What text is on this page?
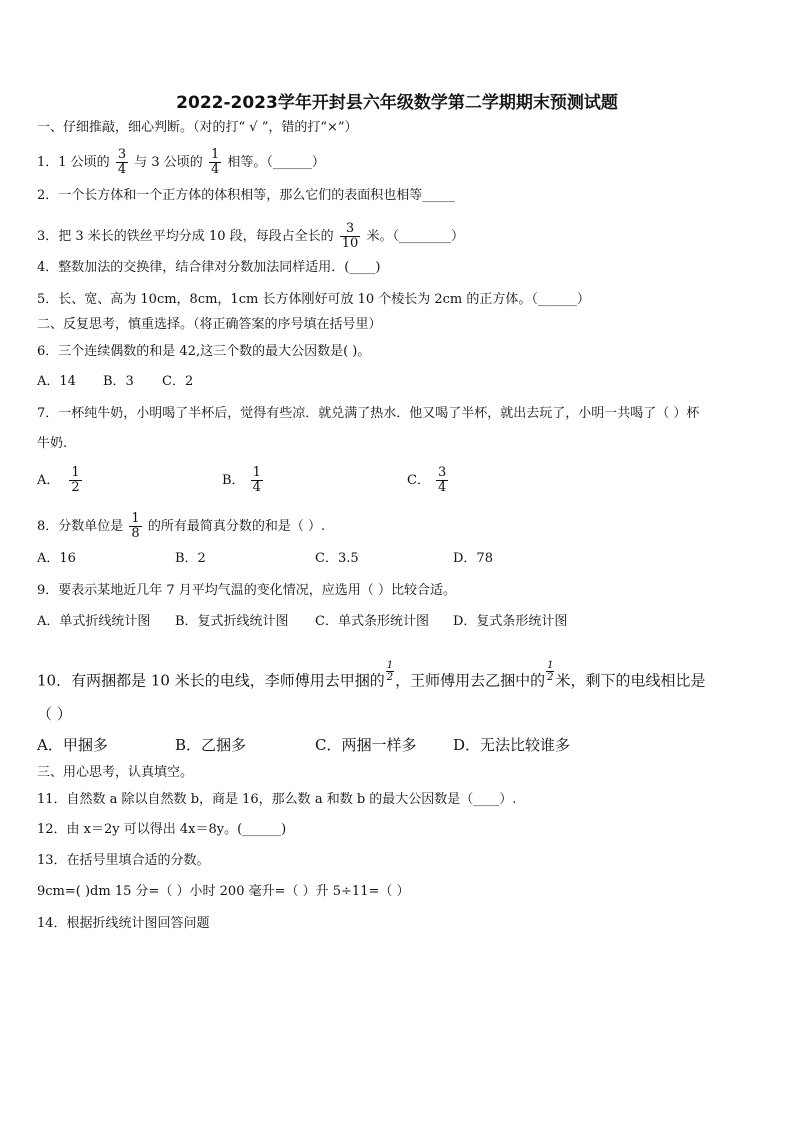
2022-2023学年开封县六年级数学第二学期期末预测试题
一、仔细推敲，细心判断。（对的打“ √ ”，错的打“×”）
1．1 公顷的 $\frac{3}{4}$ 与 3 公顷的 $\frac{1}{4}$ 相等。（______）
2．一个长方体和一个正方体的体积相等，那么它们的表面积也相等_____
3．把 3 米长的铁丝平均分成 10 段，每段占全长的 $\frac{3}{10}$ 米。（________）
4．整数加法的交换律，结合律对分数加法同样适用．(____)
5．长、宽、高为 10cm，8cm，1cm 长方体刚好可放 10 个棱长为 2cm 的正方体。（______）
二、反复思考，慎重选择。（将正确答案的序号填在括号里）
6．三个连续偶数的和是 42,这三个数的最大公因数是( )。
A．14 B．3 C．2
7．一杯纯牛奶，小明喝了半杯后，觉得有些凉．就兑满了热水．他又喝了半杯，就出去玩了，小明一共喝了（ ）杯
牛奶.
A． $\frac{1}{2}$	B． $\frac{1}{4}$	C． $\frac{3}{4}$
8．分数单位是 $\frac{1}{8}$ 的所有最简真分数的和是（ ）.
A．16	B．2	C．3.5	D．78
9．要表示某地近几年 7 月平均气温的变化情况，应选用（ ）比较合适。
A．单式折线统计图 B．复式折线统计图 C．单式条形统计图 D．复式条形统计图
10．有两捆都是 10 米长的电线，李师傅用去甲捆的 $\frac{1}{2}$ ，王师傅用去乙捆中的 $\frac{1}{2}$ 米，剩下的电线相比是
（ ）
A．甲捆多	B．乙捆多	C．两捆一样多 D．无法比较谁多
三、用心思考，认真填空。
11．自然数 a 除以自然数 b，商是 16，那么数 a 和数 b 的最大公因数是（____）.
12．由 x＝2y 可以得出 4x＝8y。(______)
13．在括号里填合适的分数。
9cm=( )dm 15 分=（ ）小时 200 毫升=（ ）升 5÷11=（ ）
14．根据折线统计图回答问题
